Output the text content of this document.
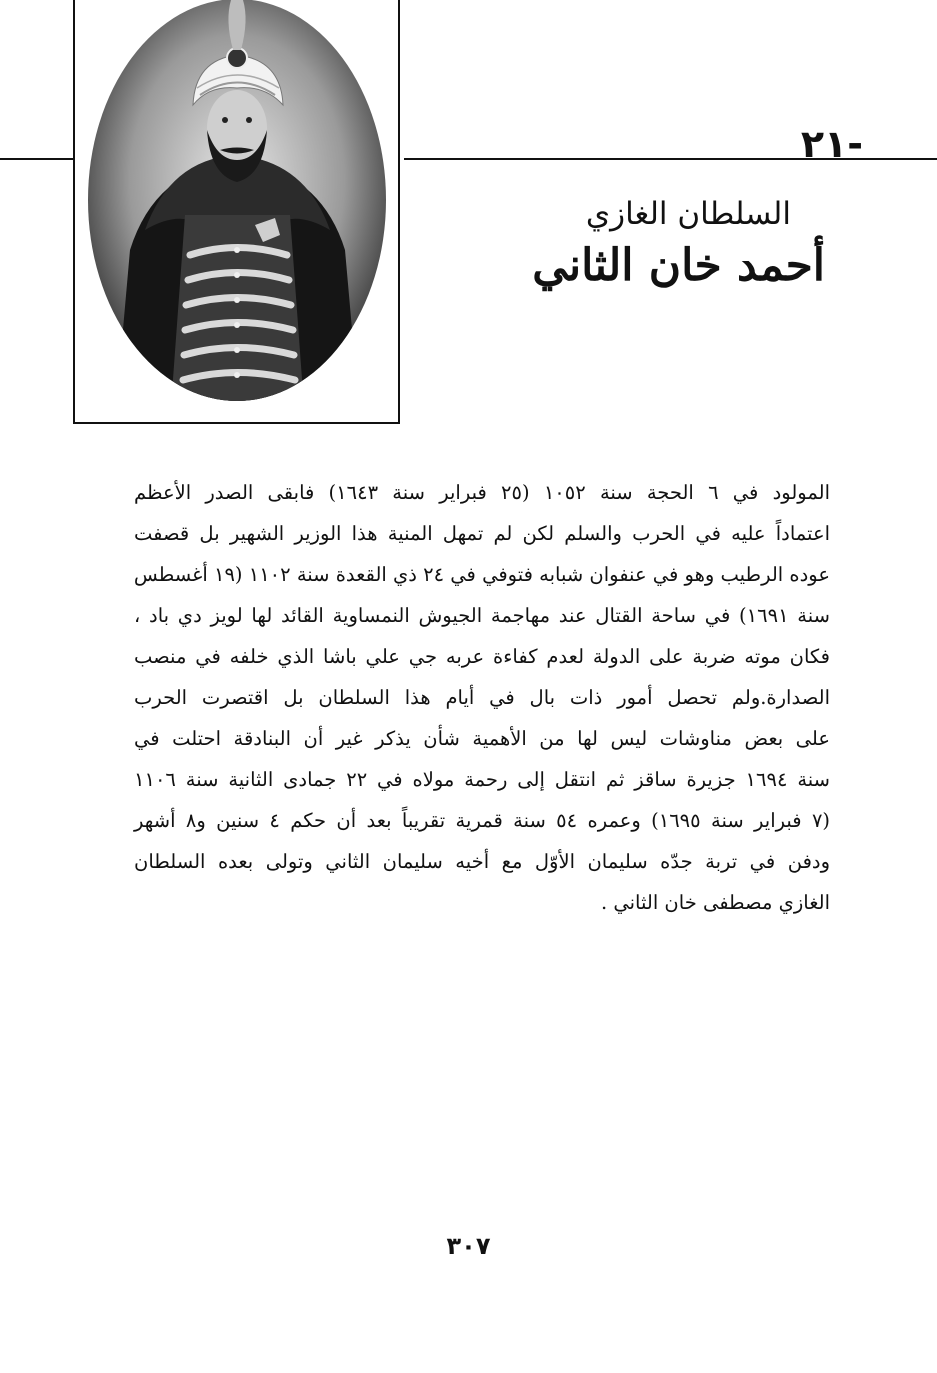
-٢١
السلطان الغازي
أحمد خان الثاني
المولود في ٦ الحجة سنة ١٠٥٢ (٢٥ فبراير سنة ١٦٤٣) فابقى الصدر الأعظم
اعتماداً عليه في الحرب والسلم لكن لم تمهل المنية هذا الوزير الشهير بل قصفت
عوده الرطيب وهو في عنفوان شبابه فتوفي في ٢٤ ذي القعدة سنة ١١٠٢ (١٩ أغسطس
سنة ١٦٩١) في ساحة القتال عند مهاجمة الجيوش النمساوية القائد لها لويز دي باد ،
فكان موته ضربة على الدولة لعدم كفاءة عربه جي علي باشا الذي خلفه في منصب
الصدارة.ولم تحصل أمور ذات بال في أيام هذا السلطان بل اقتصرت الحرب
على بعض مناوشات ليس لها من الأهمية شأن يذكر غير أن البنادقة احتلت في
سنة ١٦٩٤ جزيرة ساقز ثم انتقل إلى رحمة مولاه في ٢٢ جمادى الثانية سنة ١١٠٦
(٧ فبراير سنة ١٦٩٥) وعمره ٥٤ سنة قمرية تقريباً بعد أن حكم ٤ سنين و٨ أشهر
ودفن في تربة جدّه سليمان الأوّل مع أخيه سليمان الثاني وتولى بعده السلطان
الغازي مصطفى خان الثاني .
٣٠٧
